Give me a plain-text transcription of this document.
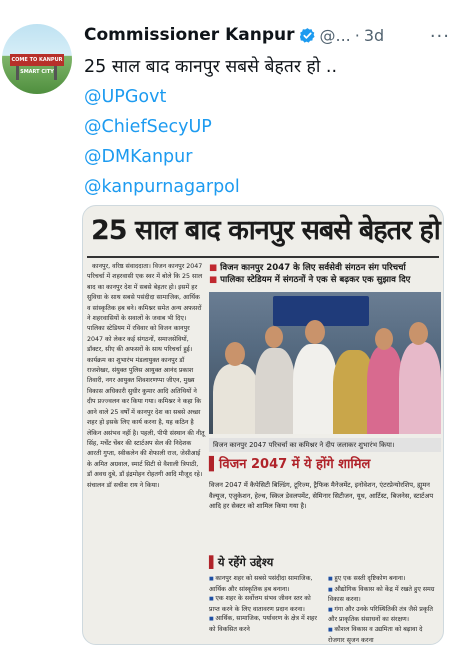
COME TO KANPUR SMART CITY
Commissioner Kanpur @... · 3d	···
25 साल बाद कानपुर सबसे बेहतर हो ..
@UPGovt
@ChiefSecyUP
@DMKanpur
@kanpurnagarpol
25 साल बाद कानपुर सबसे बेहतर हो

कानपुर, वरिष्ठ संवाददाता। विजन कानपुर 2047 परिचर्चा में शहरवासी एक स्वर में बोले कि 25 साल बाद का कानपुर देश में सबसे बेहतर हो। इसमें हर सुविधा के साथ सबसे पसंदीदा सामाजिक, आर्थिक व सांस्कृतिक हब बने। कमिश्नर समेत अन्य अफसरों ने शहरवासियों के सवालों के जवाब भी दिए। पालिका स्टेडियम में रविवार को विजन कानपुर 2047 को लेकर कई संगठनों, समाजसेवियों, डॉक्टर, सीए की अफसरों के साथ परिचर्चा हुई। कार्यक्रम का शुभारंभ मंडलायुक्त कानपुर डॉ राजशेखर, संयुक्त पुलिस आयुक्त आनंद प्रकाश तिवारी, नगर आयुक्त शिवशरणप्पा जीएन, मुख्य विकास अधिकारी सुधीर कुमार आदि अतिथियों ने दीप प्रज्ज्वलन कर किया गया। कमिश्नर ने कहा कि आने वाले 25 वर्षों में कानपुर देश का सबसे अच्छा शहर हो इसके लिए कार्य करना है, यह कठिन है लेकिन असंभव नहीं है। पहली, पीपी संस्थान की नीतू सिंह, मर्चेंट चेंबर की स्टार्टअप सेल की निदेशक आरती गुप्ता, स्वीकलेन की शेफाली राज, जेसीआई के अमित अग्रवाल, स्मार्ट सिटी से वैशाली त्रिपाठी, डॉ अवध दुबे, डॉ इंद्रमोहन रोहतगी आदि मौजूद रहे। संचालन डॉ सचीश राय ने किया।

■ विजन कानपुर 2047 के लिए सर्वसेवी संगठन संग परिचर्चा
■ पालिका स्टेडियम में संगठनों ने एक से बढ़कर एक सुझाव दिए
विजन कानपुर 2047 परिचर्चा का कमिश्नर ने दीप जलाकर शुभारंभ किया।
▌विजन 2047 में ये होंगे शामिल
विजन 2047 में कैपेसिटी बिल्डिंग, टूरिज्म, ट्रैफिक मैनेजमेंट, इनोवेशन, एंटरप्रेन्योरशिप, ह्यूमन वैल्यूज, एजुकेशन, हेल्थ, स्किल डेवलपमेंट, सेमिनार सिटीजन, यूथ, आर्टिस्ट, बिजनेस, स्टार्टअप आदि हर सेक्टर को शामिल किया गया है।
▌ये रहेंगे उद्देश्य
■ कानपुर शहर को सबसे पसंदीदा सामाजिक, आर्थिक और सांस्कृतिक हब बनाना।
■ एक शहर के सर्वोत्तम संभव जीवन स्तर को प्राप्त करने के लिए वातावरण प्रदान करना।
■ आर्थिक, सामाजिक, पर्यावरण के क्षेत्र में शहर को विकसित करने
■ हुए एक सस्ती दृष्टिकोण बनाना।
■ औद्योगिक विकास को केंद्र में रखते हुए समग्र विकास करना।
■ गंगा और उनके परिस्थितिकी तंत्र जैसे प्रकृति और प्राकृतिक संसाधनों का संरक्षण।
■ कौशल विकास व उद्यमिता को बढ़ावा दे रोजगार सृजन करना
